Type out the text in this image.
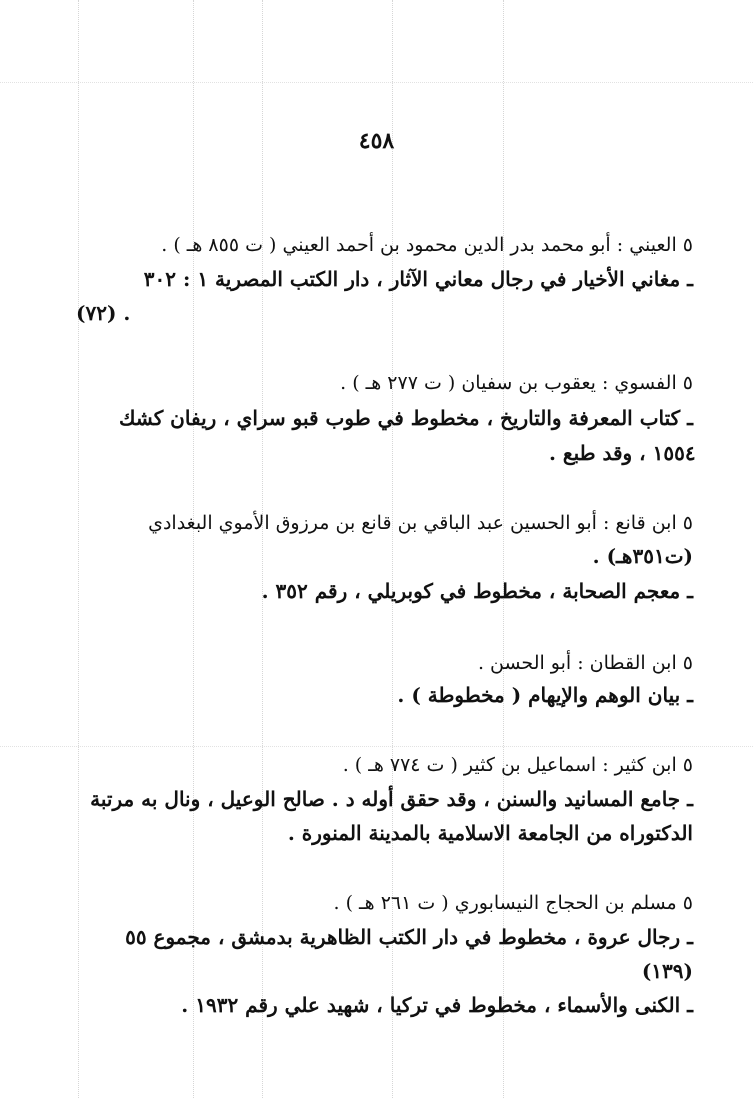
٤٥٨
٥ العيني : أبو محمد بدر الدين محمود بن أحمد العيني ( ت ٨٥٥ هـ ) .
ـ مغاني الأخيار في رجال معاني الآثار ، دار الكتب المصرية ١ : ٣٠٢
(٧٢) .
٥ الفسوي : يعقوب بن سفيان ( ت ٢٧٧ هـ ) .
ـ كتاب المعرفة والتاريخ ، مخطوط في طوب قبو سراي ، ريفان كشك
١٥٥٤ ، وقد طبع .
٥ ابن قانع : أبو الحسين عبد الباقي بن قانع بن مرزوق الأموي البغدادي
(ت٣٥١هـ) .
ـ معجم الصحابة ، مخطوط في كوبريلي ، رقم ٣٥٢ .
٥ ابن القطان : أبو الحسن .
ـ بيان الوهم والإيهام ( مخطوطة ) .
٥ ابن كثير : اسماعيل بن كثير ( ت ٧٧٤ هـ ) .
ـ جامع المسانيد والسنن ، وقد حقق أوله د . صالح الوعيل ، ونال به مرتبة
الدكتوراه من الجامعة الاسلامية بالمدينة المنورة .
٥ مسلم بن الحجاج النيسابوري ( ت ٢٦١ هـ ) .
ـ رجال عروة ، مخطوط في دار الكتب الظاهرية بدمشق ، مجموع ٥٥
(١٣٩)
ـ الكنى والأسماء ، مخطوط في تركيا ، شهيد علي رقم ١٩٣٢ .
